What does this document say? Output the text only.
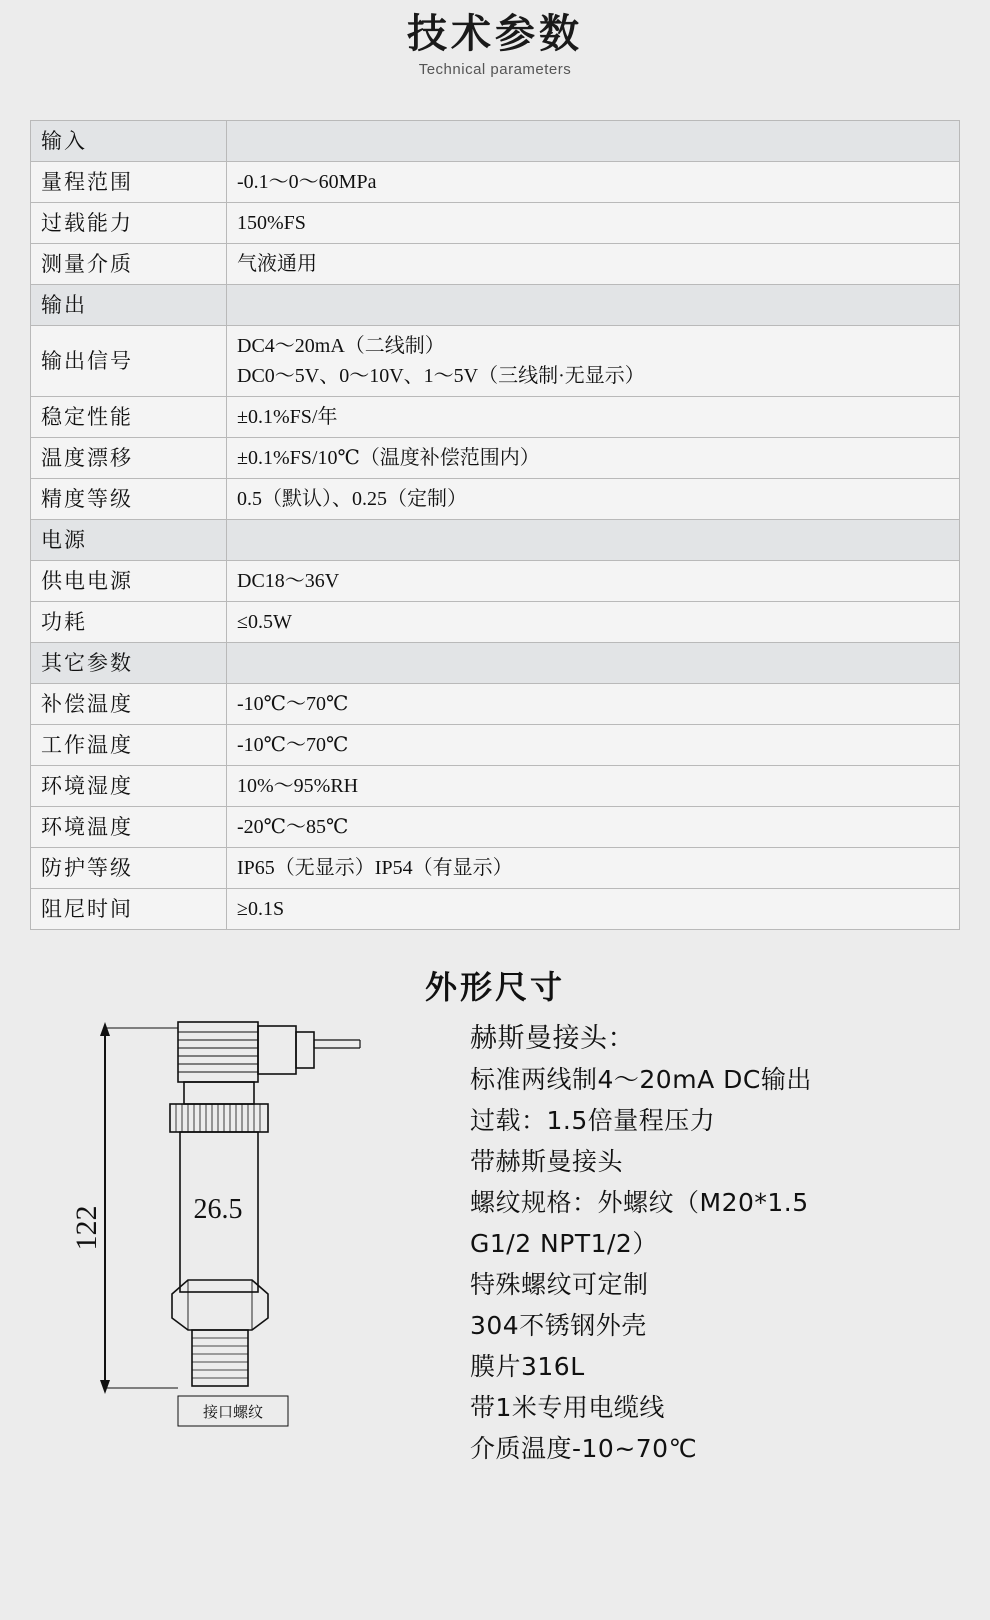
技术参数
Technical parameters
输入	
量程范围	-0.1～0～60MPa
过载能力	150%FS
测量介质	气液通用
输出	
输出信号	DC4～20mA（二线制）
DC0～5V、0～10V、1～5V（三线制·无显示）

稳定性能	±0.1%FS/年
温度漂移	±0.1%FS/10℃（温度补偿范围内）
精度等级	0.5（默认）、0.25（定制）
电源	
供电电源	DC18～36V
功耗	≤0.5W
其它参数	
补偿温度	-10℃～70℃
工作温度	-10℃～70℃
环境湿度	10%～95%RH
环境温度	-20℃～85℃
防护等级	IP65（无显示）IP54（有显示）
阻尼时间	≥0.1S
外形尺寸
122	26.5
接口螺纹
赫斯曼接头：
标准两线制4～20mA DC输出
过载：1.5倍量程压力
带赫斯曼接头
螺纹规格：外螺纹（M20*1.5
G1/2 NPT1/2）
特殊螺纹可定制
304不锈钢外壳
膜片316L
带1米专用电缆线
介质温度-10~70℃
